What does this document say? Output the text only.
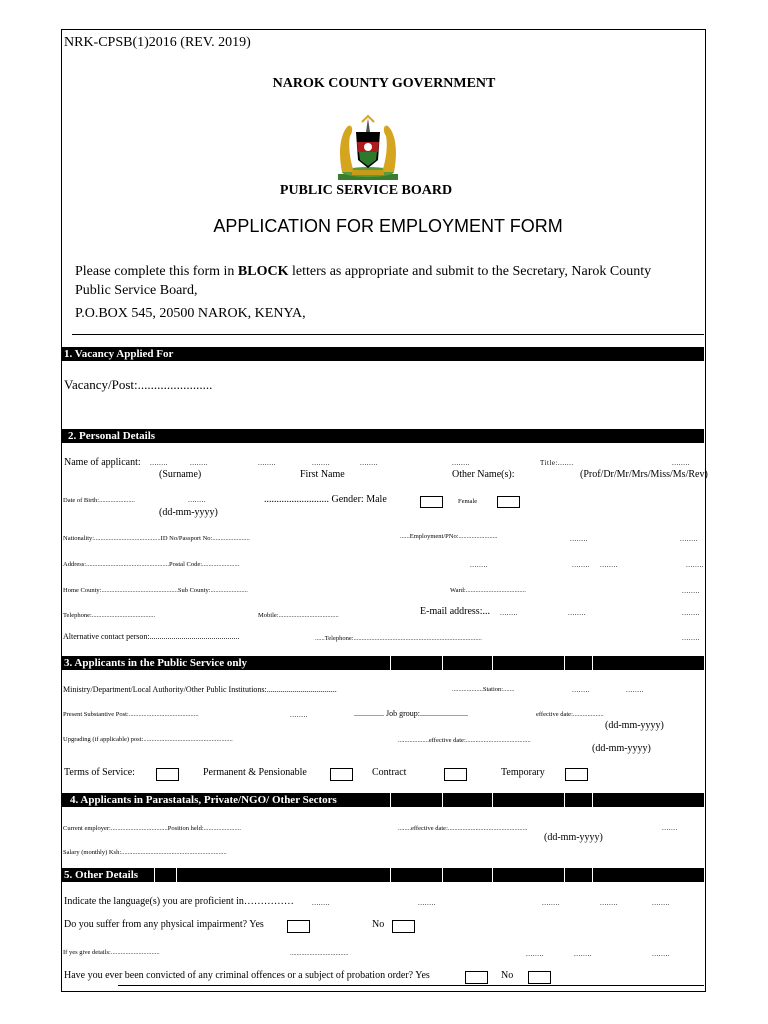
NRK-CPSB(1)2016 (REV. 2019)
NAROK COUNTY GOVERNMENT
PUBLIC SERVICE BOARD
APPLICATION FOR EMPLOYMENT FORM
Please complete this form in BLOCK letters as appropriate and submit to the Secretary, Narok County
Public Service Board,
P.O.BOX 545, 20500 NAROK, KENYA,
1. Vacancy Applied For
Vacancy/Post:.......................
2. Personal Details
Name of applicant: ........	........	........	........	........	........	Title:.......	........
(Surname)	First Name	Other Name(s):	(Prof/Dr/Mr/Mrs/Miss/Ms/Rev)
Date of Birth:......................	........	.......................... Gender: Male	Female
(dd-mm-yyyy)
Nationality:.........................................ID No/Passport No:.......................	......Employment/PNo:........................	........	........
Address:...................................................Postal Code:.......................	........	........ ........	........
Home County:...............................................Sub County:.......................	Ward:.....................................	........
Telephone:.......................................	Mobile:.....................................	E-mail address:... ........	........	........
Alternative contact person:.............................................	......Telephone:...............................................................................	........
3. Applicants in the Public Service only
Ministry/Department/Local Authority/Other Public Institutions:...................................	...................Station:.......	........	........
Present Substantive Post:...........................................	........	............... Job group:........................	effective date:...................
(dd-mm-yyyy)
Upgrading (if applicable) post:.......................................................	...................effective date:........................................
(dd-mm-yyyy)
Terms of Service:	Permanent & Pensionable	Contract	Temporary
4. Applicants in Parastatals, Private/NGO/ Other Sectors
Current employer:...................................Position held:.......................	........effective date:.................................................	.......
(dd-mm-yyyy)
Salary (monthly) Ksh:.................................................................
5. Other Details
Indicate the language(s) you are proficient in……………	........	........	........	........	........
Do you suffer from any physical impairment? Yes	No
If yes give details:..............................	....................................	........	........	........
Have you ever been convicted of any criminal offences or a subject of probation order? Yes	No
